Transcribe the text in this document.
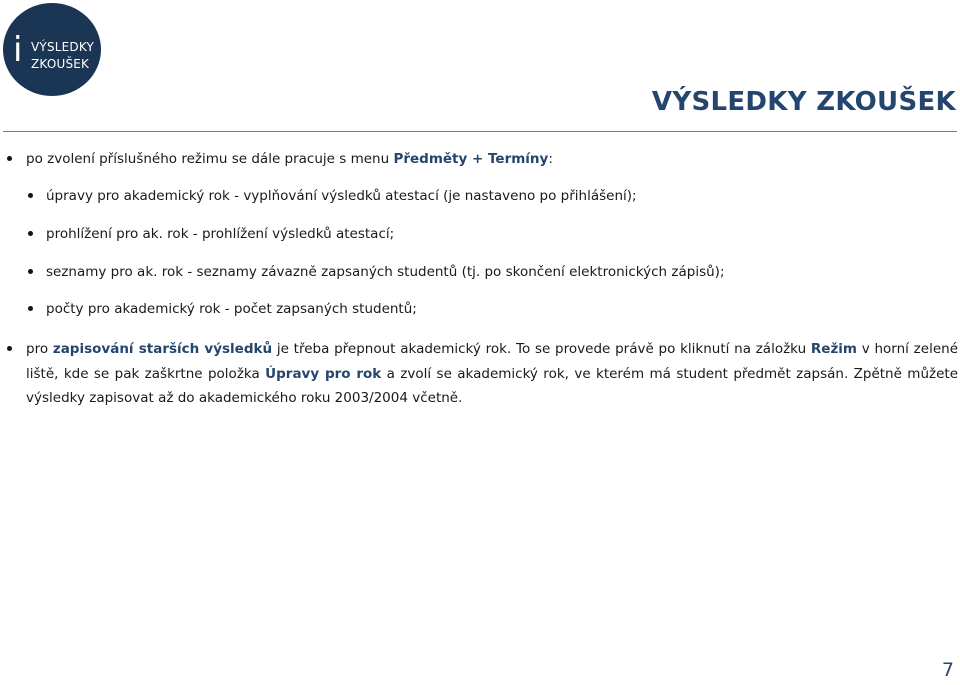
i VÝSLEDKY
ZKOUŠEK
VÝSLEDKY ZKOUŠEK
po zvolení příslušného režimu se dále pracuje s menu Předměty + Termíny:
úpravy pro akademický rok - vyplňování výsledků atestací (je nastaveno po přihlášení);
prohlížení pro ak. rok - prohlížení výsledků atestací;
seznamy pro ak. rok - seznamy závazně zapsaných studentů (tj. po skončení elektronických zápisů);
počty pro akademický rok - počet zapsaných studentů;
pro zapisování starších výsledků je třeba přepnout akademický rok. To se provede právě po kliknutí na záložku Režim v horní zelené liště, kde se pak zaškrtne položka Úpravy pro rok a zvolí se akademický rok, ve kterém má student předmět zapsán. Zpětně můžete výsledky zapisovat až do akademického roku 2003/2004 včetně.
7
